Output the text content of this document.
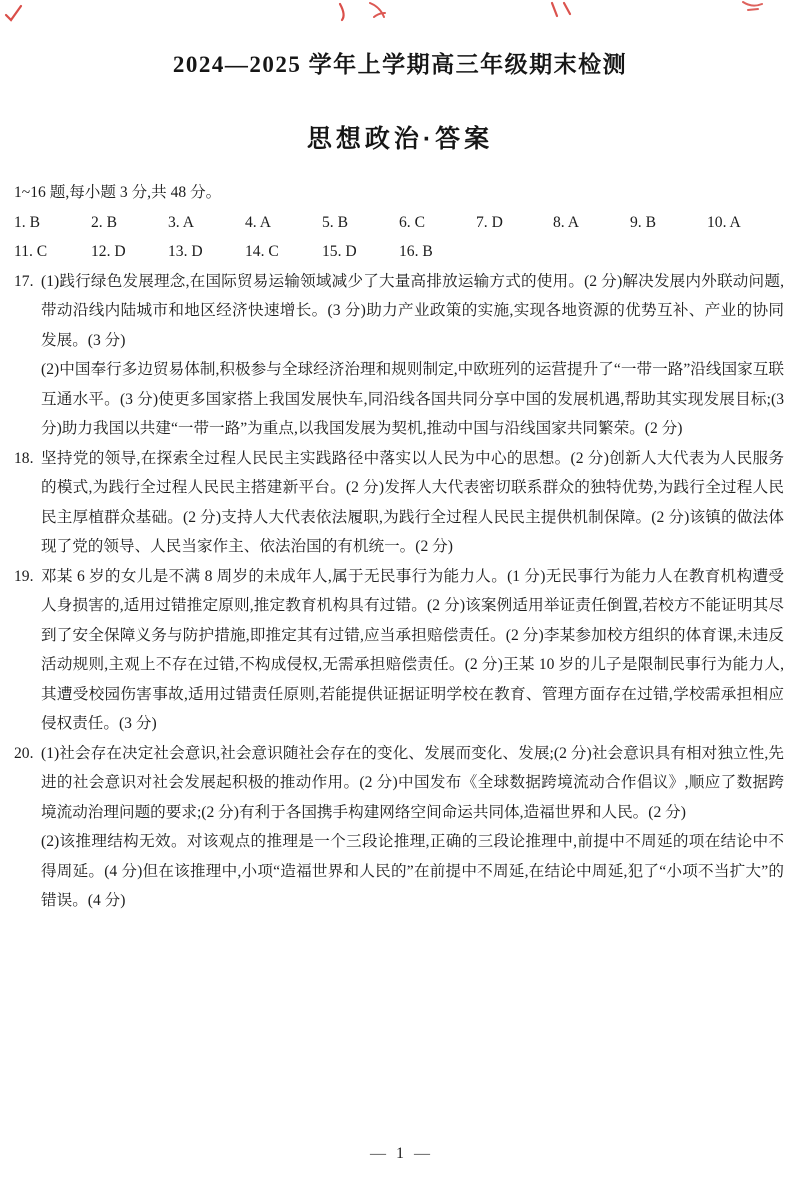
2024—2025 学年上学期高三年级期末检测
思想政治·答案
1~16 题,每小题 3 分,共 48 分。
1. B	2. B	3. A	4. A	5. B	6. C	7. D	8. A	9. B	10. A
11. C	12. D	13. D	14. C	15. D	16. B
17. (1)践行绿色发展理念,在国际贸易运输领域减少了大量高排放运输方式的使用。(2 分)解决发展内外联动问题,带动沿线内陆城市和地区经济快速增长。(3 分)助力产业政策的实施,实现各地资源的优势互补、产业的协同发展。(3 分)

(2)中国奉行多边贸易体制,积极参与全球经济治理和规则制定,中欧班列的运营提升了“一带一路”沿线国家互联互通水平。(3 分)使更多国家搭上我国发展快车,同沿线各国共同分享中国的发展机遇,帮助其实现发展目标;(3 分)助力我国以共建“一带一路”为重点,以我国发展为契机,推动中国与沿线国家共同繁荣。(2 分)

18. 坚持党的领导,在探索全过程人民民主实践路径中落实以人民为中心的思想。(2 分)创新人大代表为人民服务的模式,为践行全过程人民民主搭建新平台。(2 分)发挥人大代表密切联系群众的独特优势,为践行全过程人民民主厚植群众基础。(2 分)支持人大代表依法履职,为践行全过程人民民主提供机制保障。(2 分)该镇的做法体现了党的领导、人民当家作主、依法治国的有机统一。(2 分)

19. 邓某 6 岁的女儿是不满 8 周岁的未成年人,属于无民事行为能力人。(1 分)无民事行为能力人在教育机构遭受人身损害的,适用过错推定原则,推定教育机构具有过错。(2 分)该案例适用举证责任倒置,若校方不能证明其尽到了安全保障义务与防护措施,即推定其有过错,应当承担赔偿责任。(2 分)李某参加校方组织的体育课,未违反活动规则,主观上不存在过错,不构成侵权,无需承担赔偿责任。(2 分)王某 10 岁的儿子是限制民事行为能力人,其遭受校园伤害事故,适用过错责任原则,若能提供证据证明学校在教育、管理方面存在过错,学校需承担相应侵权责任。(3 分)

20. (1)社会存在决定社会意识,社会意识随社会存在的变化、发展而变化、发展;(2 分)社会意识具有相对独立性,先进的社会意识对社会发展起积极的推动作用。(2 分)中国发布《全球数据跨境流动合作倡议》,顺应了数据跨境流动治理问题的要求;(2 分)有利于各国携手构建网络空间命运共同体,造福世界和人民。(2 分)

(2)该推理结构无效。对该观点的推理是一个三段论推理,正确的三段论推理中,前提中不周延的项在结论中不得周延。(4 分)但在该推理中,小项“造福世界和人民的”在前提中不周延,在结论中周延,犯了“小项不当扩大”的错误。(4 分)

— 1 —
